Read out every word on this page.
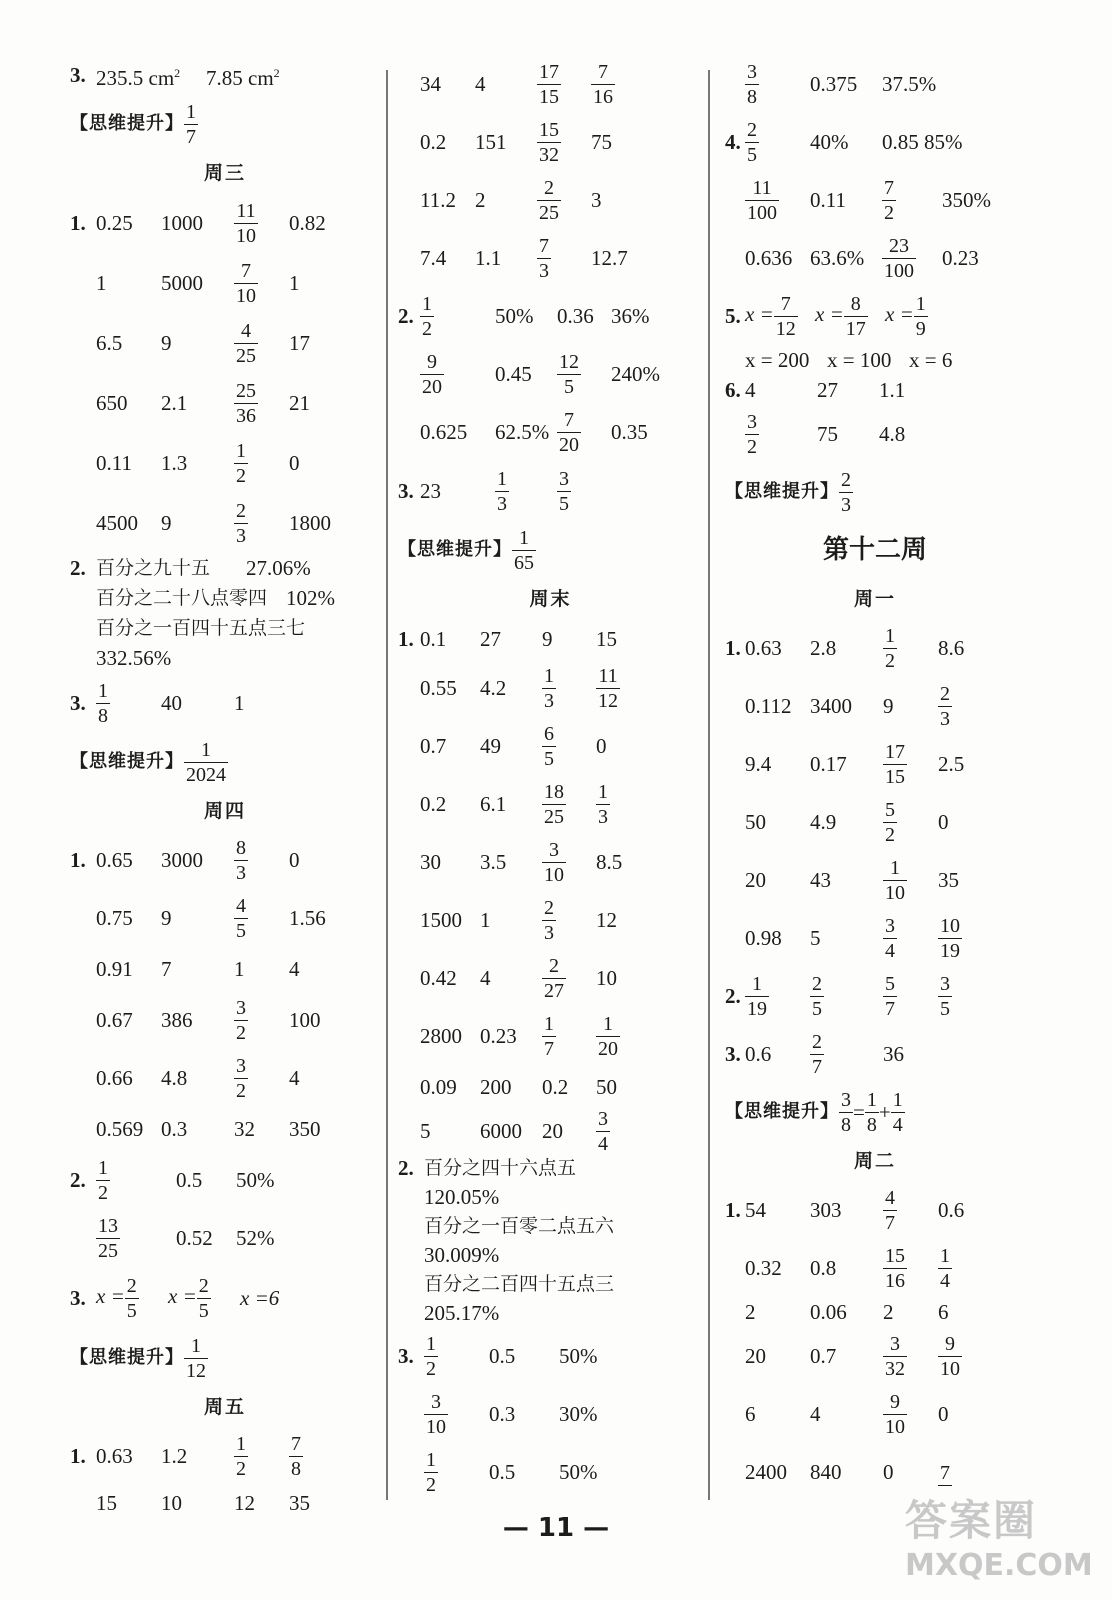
3. 235.5 $cm^2$	7.85 $cm^2$
【思维提升】
1
7
周三
1. 0.25	1000	$\frac{11}{10} 0.82$
1	5000	$\frac{7}{10} 1$
6.5	9	$\frac{4}{25} 17$
650	2.1	$\frac{25}{36} 21$
0.11	1.3	$\frac{1}{2} 0$
4500	9	$\frac{2}{3} 1800$
2. 百分之九十五	27.06%
百分之二十八点零四 102%
百分之一百四十五点三七
332.56%
3. $\frac{1}{8} 40$	1
【思维提升】
1
2024
周四
1. 0.65	3000	$\frac{8}{3} 0$
0.75	9	$\frac{4}{5} 1.56$
0.91	7	1	4
0.67	386	$\frac{3}{2} 100$
0.66	4.8	$\frac{3}{2} 4$
0.569 0.3	32	350
2. $\frac{1}{2}$	0.5	50%
$\frac{13}{25}$	0.52	52%
3. $x = \frac{2}{5}$ $x = \frac{2}{5}$ x =6
【思维提升】
1
12
周五
1. 0.63	1.2	$\frac{1}{2} \frac{7}{8}$
15	10	12	35
34	4	$\frac{17}{15} \frac{7}{16}$
0.2	151	$\frac{15}{32} 75$
11.2 2	$\frac{2}{25} 3$
7.4	1.1	$\frac{7}{3} 12.7$
2. $\frac{1}{2}$	50%	0.36 36%
$\frac{9}{20} 0.45$	$\frac{12}{5} 240\%$
0.625	$62.5\% \frac{7}{20} 0.35$
3. 23	$\frac{1}{3} \frac{3}{5}$
【思维提升】
1
65
周末
1. 0.1	27	9	15
0.55	4.2	$\frac{1}{3} \frac{11}{12}$
0.7	49	$\frac{6}{5} 0$
0.2	6.1	$\frac{18}{25} \frac{1}{3}$
30	3.5	$\frac{3}{10} 8.5$
1500 1	$\frac{2}{3} 12$
0.42	4	$\frac{2}{27} 10$
2800 0.23	$\frac{1}{7} \frac{1}{20}$
0.09	200	0.2	50
5	6000 20	$\frac{3}{4}$
2. 百分之四十六点五
120.05%
百分之一百零二点五六
30.009%
百分之二百四十五点三
205.17%
3. $\frac{1}{2} 0.5$	50%
$\frac{3}{10} 0.3$	30%
$\frac{1}{2} 0.5$	50%
$\frac{3}{8} 0.375$	37.5%
4. $\frac{2}{5} 40\%$	0.85 85%
$\frac{11}{100} 0.11$	$\frac{7}{2} 350\%$
0.636 $63.6\% \frac{23}{100} 0.23$
5. $x = \frac{7}{12}$ $x = \frac{8}{17}$ $x = \frac{1}{9}$
x = 200 x = 100 x = 6
6. 4	27	1.1
$\frac{3}{2}$	75	4.8
【思维提升】
2
3
第十二周
周一
1. 0.63	2.8	$\frac{1}{2} 8.6$
0.112 3400	9	$\frac{2}{3}$
9.4	0.17	$\frac{17}{15} 2.5$
50	4.9	$\frac{5}{2} 0$
20	43	$\frac{1}{10} 35$
0.98	5	$\frac{3}{4} \frac{10}{19}$
2. $\frac{1}{19} \frac{2}{5}$	$\frac{5}{7} \frac{3}{5}$
3. 0.6	$\frac{2}{7}$	36
【思维提升】
3
8
=
1
8
+
1
4
周二
1. 54	303	$\frac{4}{7} 0.6$
0.32	0.8	$\frac{15}{16} \frac{1}{4}$
2	0.06	2	6
20	0.7	$\frac{3}{32} \frac{9}{10}$
6	4	$\frac{9}{10} 0$
2400	840	0	7
— 11 —	答案圈
MXQE.COM
